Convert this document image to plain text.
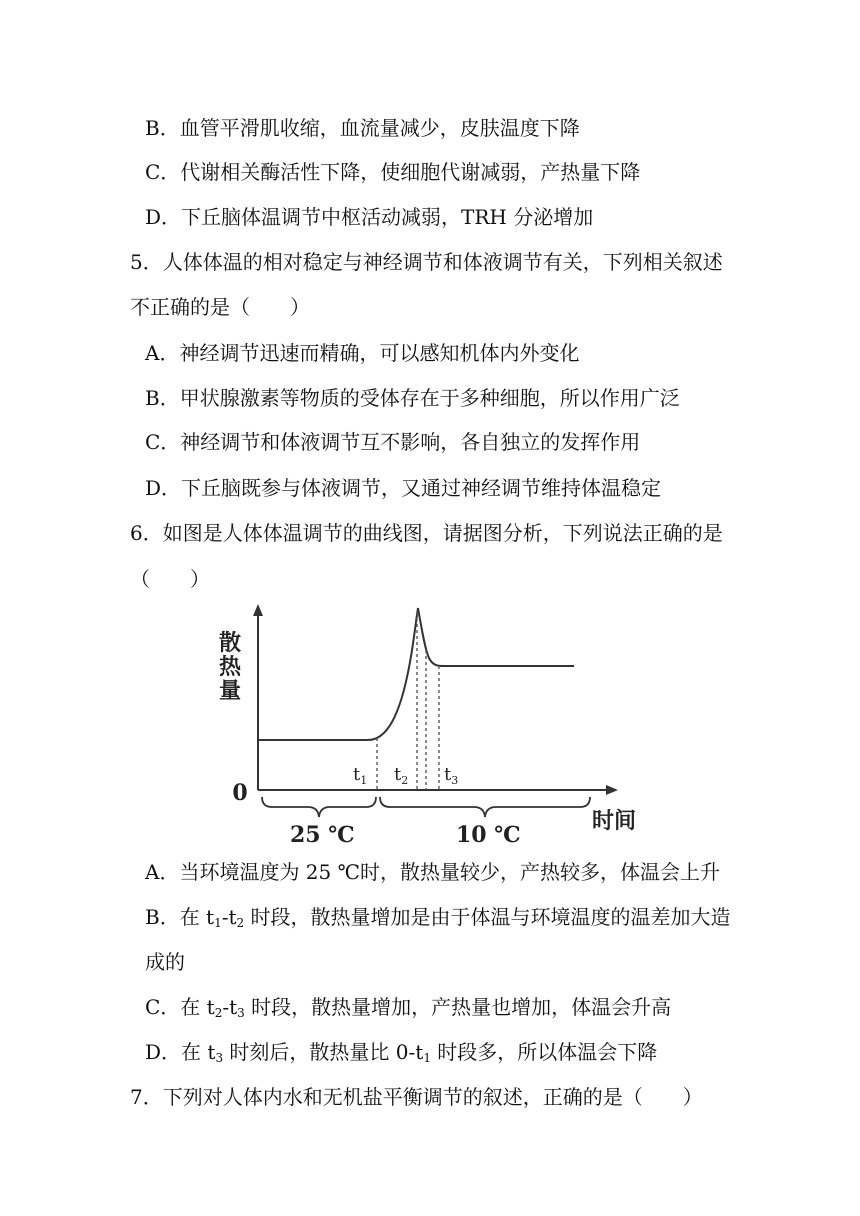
B．血管平滑肌收缩，血流量减少，皮肤温度下降
C．代谢相关酶活性下降，使细胞代谢减弱，产热量下降
D．下丘脑体温调节中枢活动减弱，TRH 分泌增加
5．人体体温的相对稳定与神经调节和体液调节有关，下列相关叙述
不正确的是（　　）
A．神经调节迅速而精确，可以感知机体内外变化
B．甲状腺激素等物质的受体存在于多种细胞，所以作用广泛
C．神经调节和体液调节互不影响，各自独立的发挥作用
D．下丘脑既参与体液调节，又通过神经调节维持体温稳定
6．如图是人体体温调节的曲线图，请据图分析，下列说法正确的是
（　　）
散
热
量
0
$t_1$ $t_2$ $t_3$
25 ℃	10 ℃
时间
A．当环境温度为 25 ℃时，散热量较少，产热较多，体温会上升
B．在 $t_1-t_2$ 时段，散热量增加是由于体温与环境温度的温差加大造
成的
C．在 $t_2-t_3$ 时段，散热量增加，产热量也增加，体温会升高
D．在 $t_3$ 时刻后，散热量比 $0-t_1$ 时段多，所以体温会下降
7．下列对人体内水和无机盐平衡调节的叙述，正确的是（　　）
